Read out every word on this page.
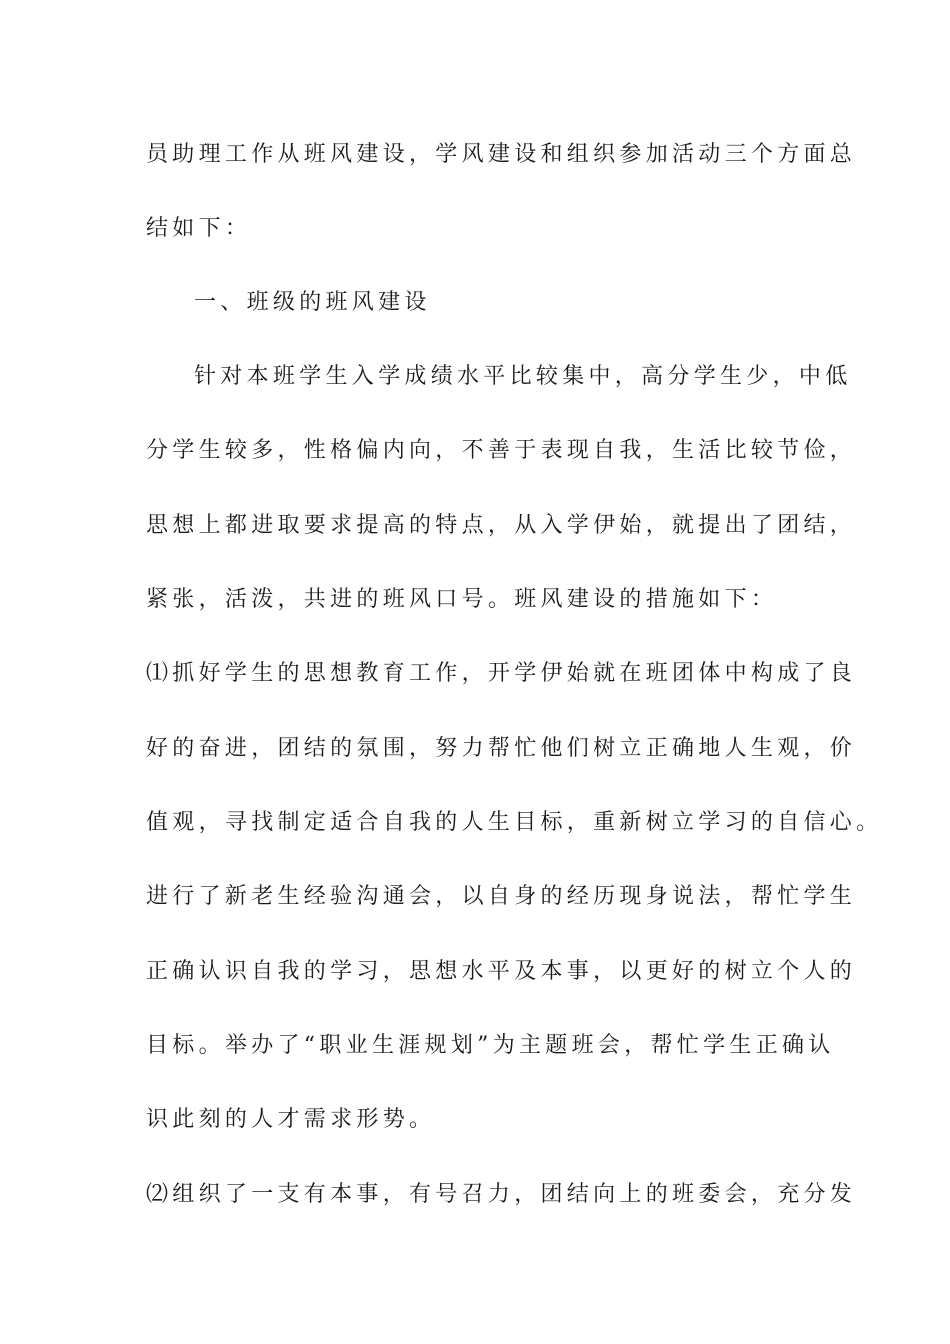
员助理工作从班风建设，学风建设和组织参加活动三个方面总
结如下：
一、班级的班风建设
针对本班学生入学成绩水平比较集中，高分学生少，中低
分学生较多，性格偏内向，不善于表现自我，生活比较节俭，
思想上都进取要求提高的特点，从入学伊始，就提出了团结，
紧张，活泼，共进的班风口号。班风建设的措施如下：
⑴抓好学生的思想教育工作，开学伊始就在班团体中构成了良
好的奋进，团结的氛围，努力帮忙他们树立正确地人生观，价
值观，寻找制定适合自我的人生目标，重新树立学习的自信心。
进行了新老生经验沟通会，以自身的经历现身说法，帮忙学生
正确认识自我的学习，思想水平及本事，以更好的树立个人的
目标。举办了“职业生涯规划”为主题班会，帮忙学生正确认
识此刻的人才需求形势。
⑵组织了一支有本事，有号召力，团结向上的班委会，充分发
